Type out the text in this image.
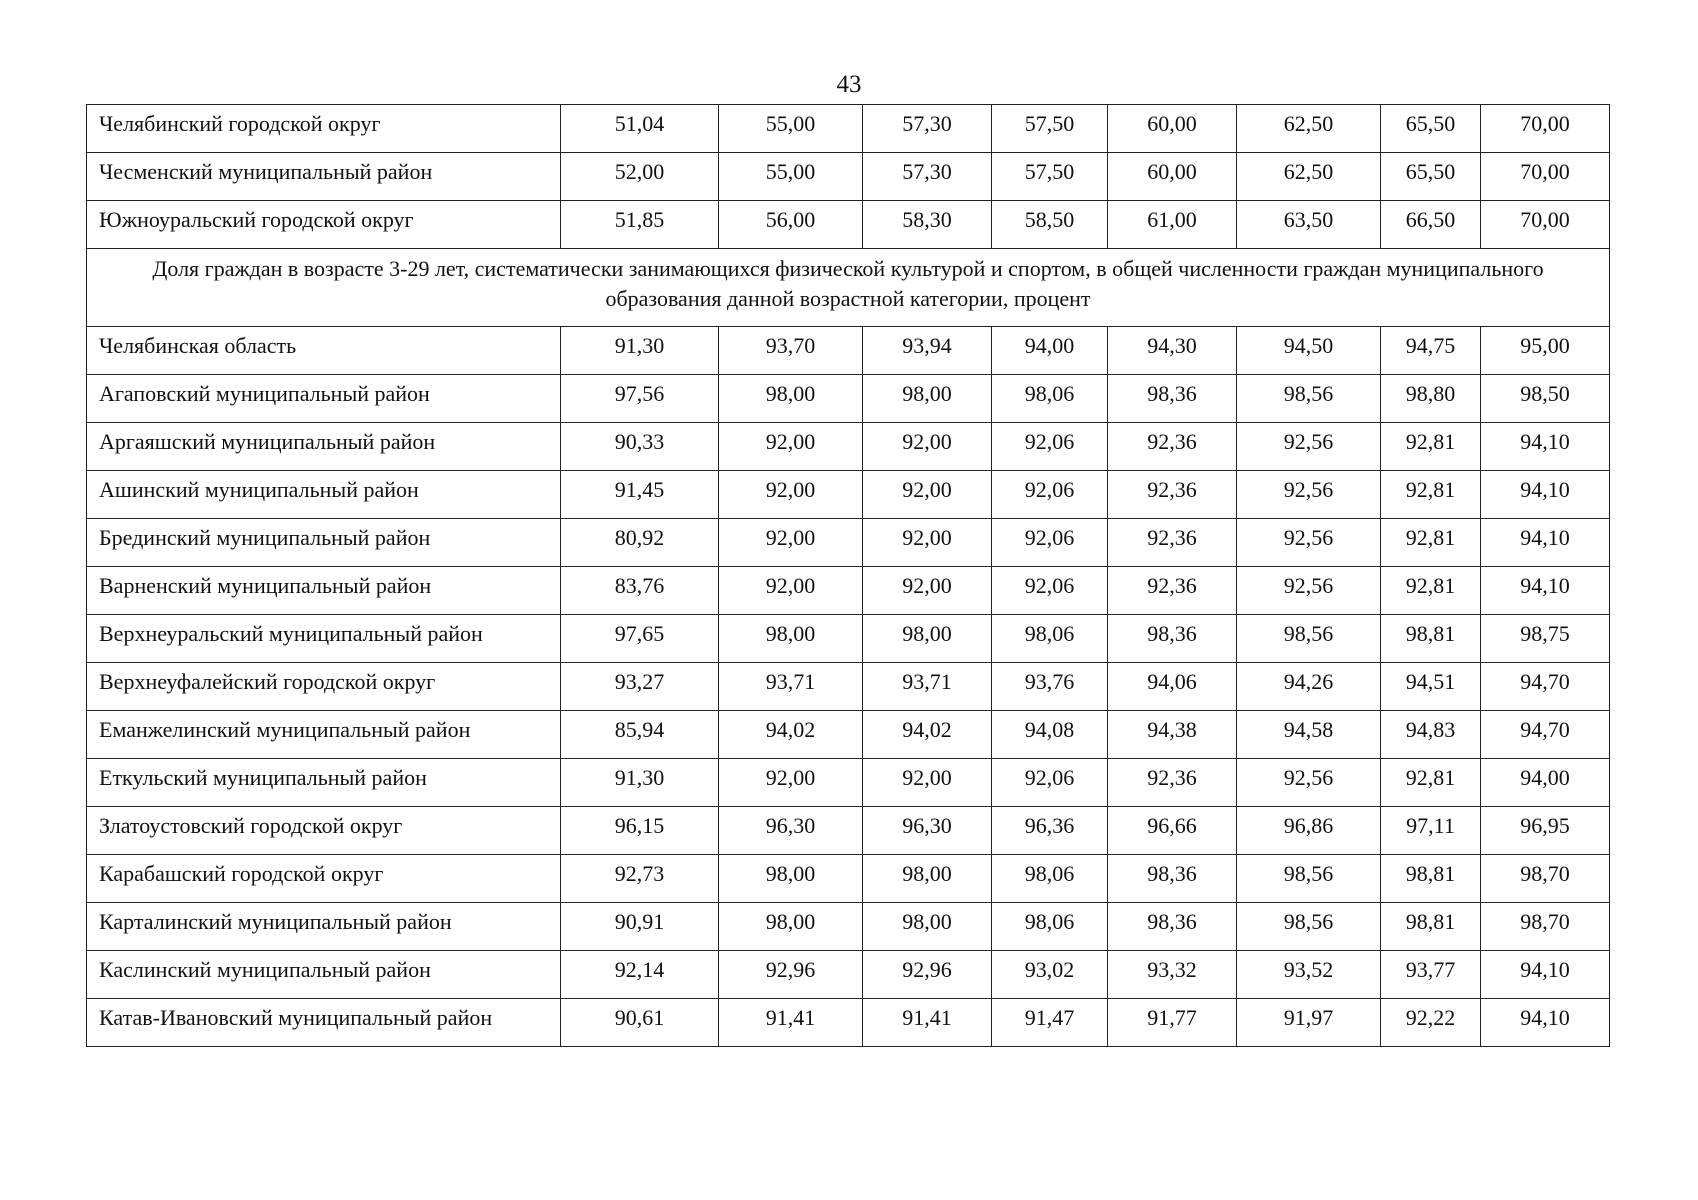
43
Челябинский городской округ	51,04	55,00	57,30	57,50	60,00	62,50	65,50	70,00
Чесменский муниципальный район	52,00	55,00	57,30	57,50	60,00	62,50	65,50	70,00
Южноуральский городской округ	51,85	56,00	58,30	58,50	61,00	63,50	66,50	70,00
Доля граждан в возрасте 3-29 лет, систематически занимающихся физической культурой и спортом, в общей численности граждан муниципального образования данной возрастной категории, процент								
Челябинская область	91,30	93,70	93,94	94,00	94,30	94,50	94,75	95,00
Агаповский муниципальный район	97,56	98,00	98,00	98,06	98,36	98,56	98,80	98,50
Аргаяшский муниципальный район	90,33	92,00	92,00	92,06	92,36	92,56	92,81	94,10
Ашинский муниципальный район	91,45	92,00	92,00	92,06	92,36	92,56	92,81	94,10
Брединский муниципальный район	80,92	92,00	92,00	92,06	92,36	92,56	92,81	94,10
Варненский муниципальный район	83,76	92,00	92,00	92,06	92,36	92,56	92,81	94,10
Верхнеуральский муниципальный район	97,65	98,00	98,00	98,06	98,36	98,56	98,81	98,75
Верхнеуфалейский городской округ	93,27	93,71	93,71	93,76	94,06	94,26	94,51	94,70
Еманжелинский муниципальный район	85,94	94,02	94,02	94,08	94,38	94,58	94,83	94,70
Еткульский муниципальный район	91,30	92,00	92,00	92,06	92,36	92,56	92,81	94,00
Златоустовский городской округ	96,15	96,30	96,30	96,36	96,66	96,86	97,11	96,95
Карабашский городской округ	92,73	98,00	98,00	98,06	98,36	98,56	98,81	98,70
Карталинский муниципальный район	90,91	98,00	98,00	98,06	98,36	98,56	98,81	98,70
Каслинский муниципальный район	92,14	92,96	92,96	93,02	93,32	93,52	93,77	94,10
Катав-Ивановский муниципальный район	90,61	91,41	91,41	91,47	91,77	91,97	92,22	94,10
